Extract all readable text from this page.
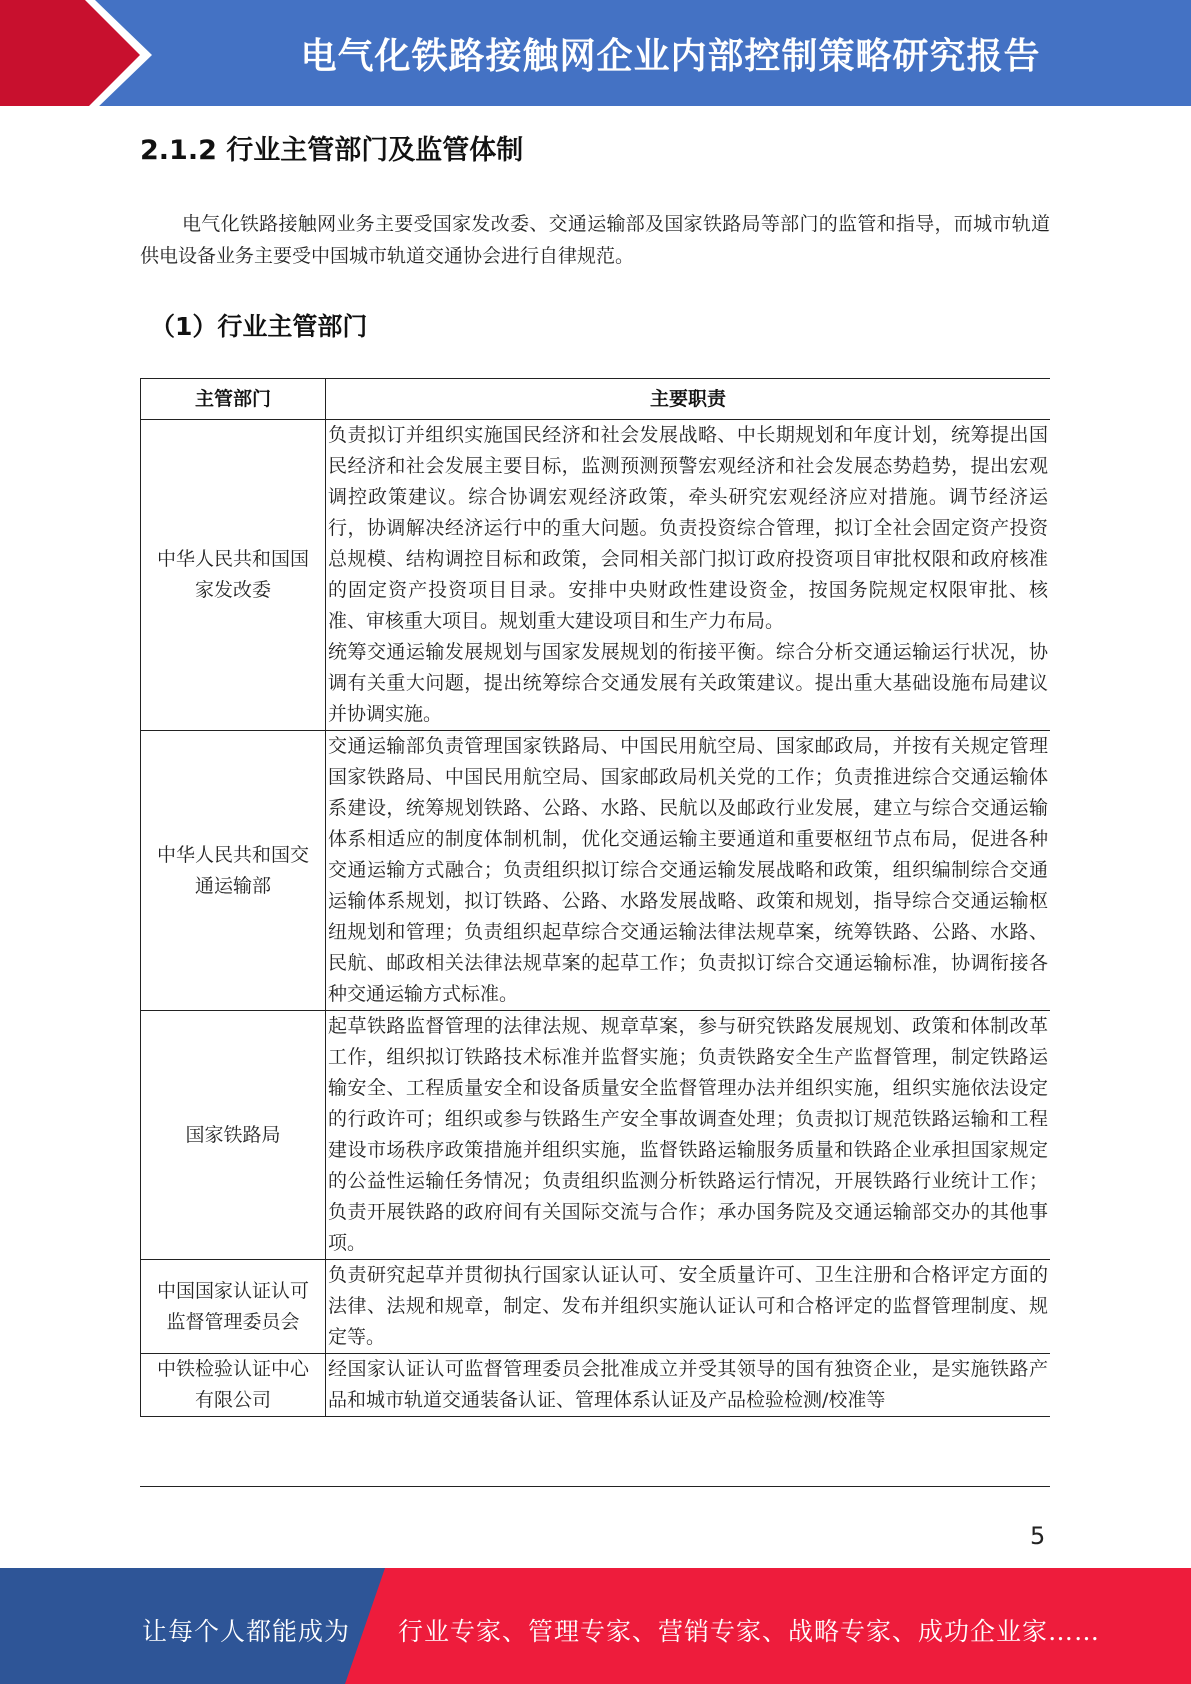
电气化铁路接触网企业内部控制策略研究报告
2.1.2 行业主管部门及监管体制

电气化铁路接触网业务主要受国家发改委、交通运输部及国家铁路局等部门的监管和指导，而城市轨道供电设备业务主要受中国城市轨道交通协会进行自律规范。

（1）行业主管部门
主管部门	主要职责
中华人民共和国国家发改委	负责拟订并组织实施国民经济和社会发展战略、中长期规划和年度计划，统筹提出国民经济和社会发展主要目标，监测预测预警宏观经济和社会发展态势趋势，提出宏观调控政策建议。综合协调宏观经济政策，牵头研究宏观经济应对措施。调节经济运行，协调解决经济运行中的重大问题。负责投资综合管理，拟订全社会固定资产投资总规模、结构调控目标和政策，会同相关部门拟订政府投资项目审批权限和政府核准的固定资产投资项目目录。安排中央财政性建设资金，按国务院规定权限审批、核准、审核重大项目。规划重大建设项目和生产力布局。
统筹交通运输发展规划与国家发展规划的衔接平衡。综合分析交通运输运行状况，协调有关重大问题，提出统筹综合交通发展有关政策建议。提出重大基础设施布局建议并协调实施。

中华人民共和国交通运输部	交通运输部负责管理国家铁路局、中国民用航空局、国家邮政局，并按有关规定管理国家铁路局、中国民用航空局、国家邮政局机关党的工作；负责推进综合交通运输体系建设，统筹规划铁路、公路、水路、民航以及邮政行业发展，建立与综合交通运输体系相适应的制度体制机制，优化交通运输主要通道和重要枢纽节点布局，促进各种交通运输方式融合；负责组织拟订综合交通运输发展战略和政策，组织编制综合交通运输体系规划，拟订铁路、公路、水路发展战略、政策和规划，指导综合交通运输枢纽规划和管理；负责组织起草综合交通运输法律法规草案，统筹铁路、公路、水路、民航、邮政相关法律法规草案的起草工作；负责拟订综合交通运输标准，协调衔接各种交通运输方式标准。
国家铁路局	起草铁路监督管理的法律法规、规章草案，参与研究铁路发展规划、政策和体制改革工作，组织拟订铁路技术标准并监督实施；负责铁路安全生产监督管理，制定铁路运输安全、工程质量安全和设备质量安全监督管理办法并组织实施，组织实施依法设定的行政许可；组织或参与铁路生产安全事故调查处理；负责拟订规范铁路运输和工程建设市场秩序政策措施并组织实施，监督铁路运输服务质量和铁路企业承担国家规定的公益性运输任务情况；负责组织监测分析铁路运行情况，开展铁路行业统计工作；负责开展铁路的政府间有关国际交流与合作；承办国务院及交通运输部交办的其他事项。
中国国家认证认可监督管理委员会	负责研究起草并贯彻执行国家认证认可、安全质量许可、卫生注册和合格评定方面的法律、法规和规章，制定、发布并组织实施认证认可和合格评定的监督管理制度、规定等。
中铁检验认证中心有限公司	经国家认证认可监督管理委员会批准成立并受其领导的国有独资企业，是实施铁路产品和城市轨道交通装备认证、管理体系认证及产品检验检测/校准等
5
让每个人都能成为 行业专家、管理专家、营销专家、战略专家、成功企业家……
